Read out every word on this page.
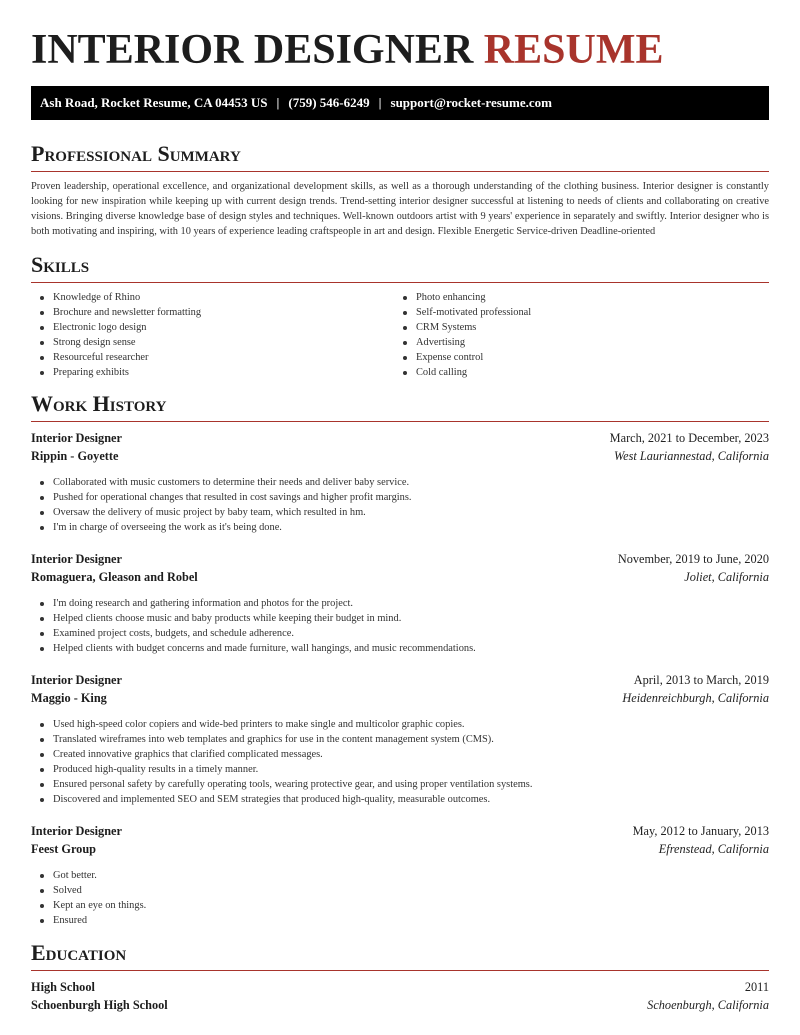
INTERIOR DESIGNER RESUME
Ash Road, Rocket Resume, CA 04453 US | (759) 546-6249 | support@rocket-resume.com
Professional Summary

Proven leadership, operational excellence, and organizational development skills, as well as a thorough understanding of the clothing business. Interior designer is constantly looking for new inspiration while keeping up with current design trends. Trend-setting interior designer successful at listening to needs of clients and collaborating on creative visions. Bringing diverse knowledge base of design styles and techniques. Well-known outdoors artist with 9 years' experience in separately and swiftly. Interior designer who is both motivating and inspiring, with 10 years of experience leading craftspeople in art and design. Flexible Energetic Service-driven Deadline-oriented

Skills
Knowledge of Rhino
Brochure and newsletter formatting
Electronic logo design
Strong design sense
Resourceful researcher
Preparing exhibits
Photo enhancing
Self-motivated professional
CRM Systems
Advertising
Expense control
Cold calling
Work History
Interior Designer	March, 2021 to December, 2023
Rippin - Goyette	West Lauriannestad, California
Collaborated with music customers to determine their needs and deliver baby service.
Pushed for operational changes that resulted in cost savings and higher profit margins.
Oversaw the delivery of music project by baby team, which resulted in hm.
I'm in charge of overseeing the work as it's being done.
Interior Designer	November, 2019 to June, 2020
Romaguera, Gleason and Robel	Joliet, California
I'm doing research and gathering information and photos for the project.
Helped clients choose music and baby products while keeping their budget in mind.
Examined project costs, budgets, and schedule adherence.
Helped clients with budget concerns and made furniture, wall hangings, and music recommendations.
Interior Designer	April, 2013 to March, 2019
Maggio - King	Heidenreichburgh, California
Used high-speed color copiers and wide-bed printers to make single and multicolor graphic copies.
Translated wireframes into web templates and graphics for use in the content management system (CMS).
Created innovative graphics that clarified complicated messages.
Produced high-quality results in a timely manner.
Ensured personal safety by carefully operating tools, wearing protective gear, and using proper ventilation systems.
Discovered and implemented SEO and SEM strategies that produced high-quality, measurable outcomes.
Interior Designer	May, 2012 to January, 2013
Feest Group	Efrenstead, California
Got better.
Solved
Kept an eye on things.
Ensured
Education
High School	2011
Schoenburgh High School	Schoenburgh, California
